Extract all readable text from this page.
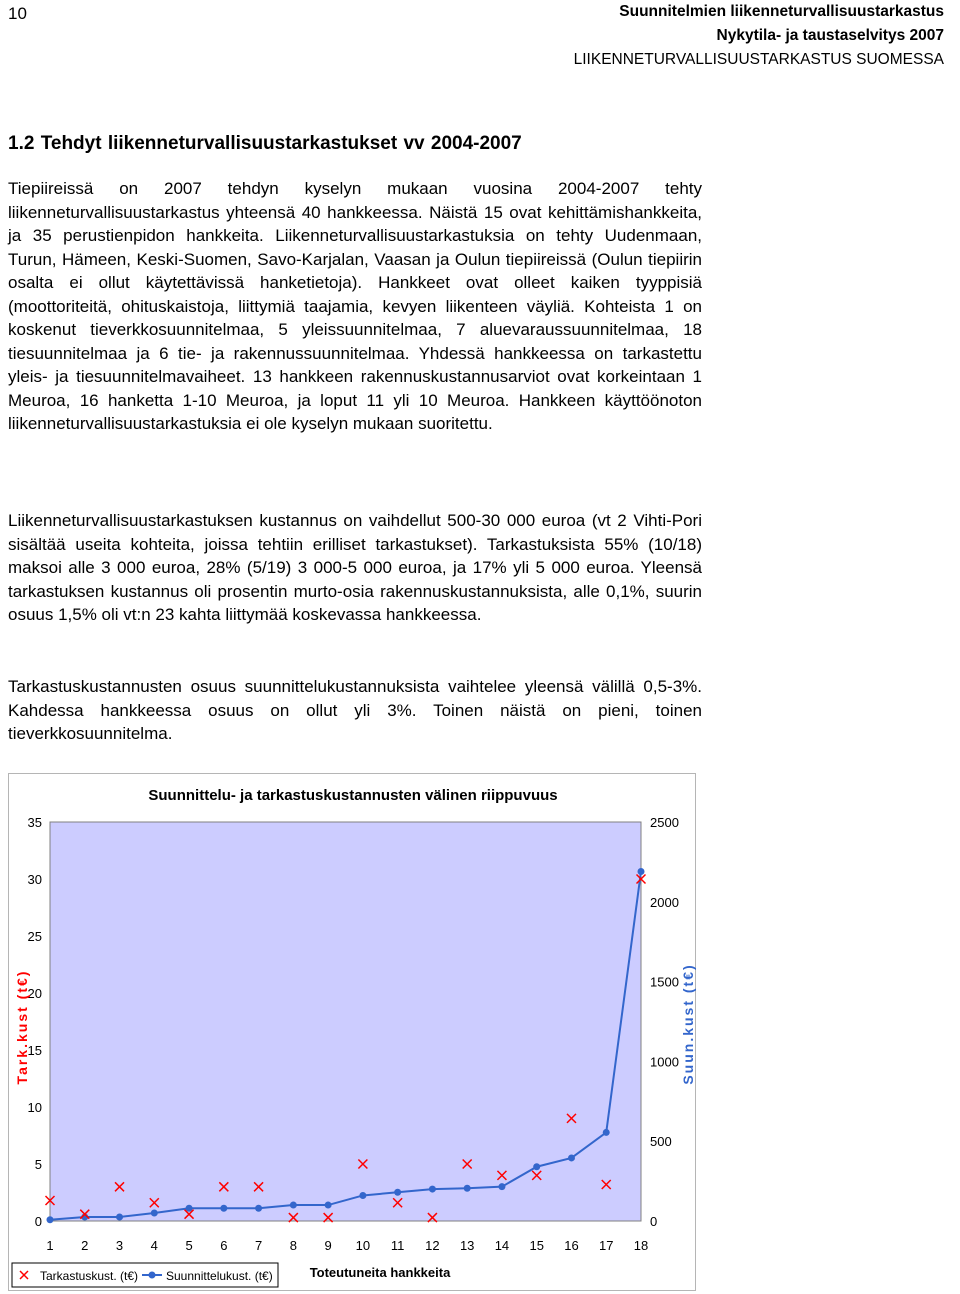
10	Suunnitelmien liikenneturvallisuustarkastus
Nykytila- ja taustaselvitys 2007
LIIKENNETURVALLISUUSTARKASTUS SUOMESSA
1.2 Tehdyt liikenneturvallisuustarkastukset vv 2004-2007
Tiepiireissä on 2007 tehdyn kyselyn mukaan vuosina 2004-2007 tehty liikenneturvallisuustarkastus yhteensä 40 hankkeessa. Näistä 15 ovat kehittämishankkeita, ja 35 perustienpidon hankkeita. Liikenneturvallisuustarkastuksia on tehty Uudenmaan, Turun, Hämeen, Keski-Suomen, Savo-Karjalan, Vaasan ja Oulun tiepiireissä (Oulun tiepiirin osalta ei ollut käytettävissä hanketietoja). Hankkeet ovat olleet kaiken tyyppisiä (moottoriteitä, ohituskaistoja, liittymiä taajamia, kevyen liikenteen väyliä. Kohteista 1 on koskenut tieverkkosuunnitelmaa, 5 yleissuunnitelmaa, 7 aluevaraussuunnitelmaa, 18 tiesuunnitelmaa ja 6 tie- ja rakennussuunnitelmaa. Yhdessä hankkeessa on tarkastettu yleis- ja tiesuunnitelmavaiheet. 13 hankkeen rakennuskustannusarviot ovat korkeintaan 1 Meuroa, 16 hanketta 1-10 Meuroa, ja loput 11 yli 10 Meuroa. Hankkeen käyttöönoton liikenneturvallisuustarkastuksia ei ole kyselyn mukaan suoritettu.
Liikenneturvallisuustarkastuksen kustannus on vaihdellut 500-30 000 euroa (vt 2 Vihti-Pori sisältää useita kohteita, joissa tehtiin erilliset tarkastukset). Tarkastuksista 55% (10/18) maksoi alle 3 000 euroa, 28% (5/19) 3 000-5 000 euroa, ja 17% yli 5 000 euroa. Yleensä tarkastuksen kustannus oli prosentin murto-osia rakennuskustannuksista, alle 0,1%, suurin osuus 1,5% oli vt:n 23 kahta liittymää koskevassa hankkeessa.
Tarkastuskustannusten osuus suunnittelukustannuksista vaihtelee yleensä välillä 0,5-3%. Kahdessa hankkeessa osuus on ollut yli 3%. Toinen näistä on pieni, toinen tieverkkosuunnitelma.
Suunnittelu- ja tarkastuskustannusten välinen riippuvuus
0
5
10
15
20
25
30
35
0
500
1000
1500
2000
2500
1 2 3 4 5 6 7 8 9 10 11 12 13 14 15 16 17 18
Tark.kust (t€)	Suun.kust (t€)
Tarkastuskust. (t€) Suunnittelukust. (t€)	Toteutuneita hankkeita
